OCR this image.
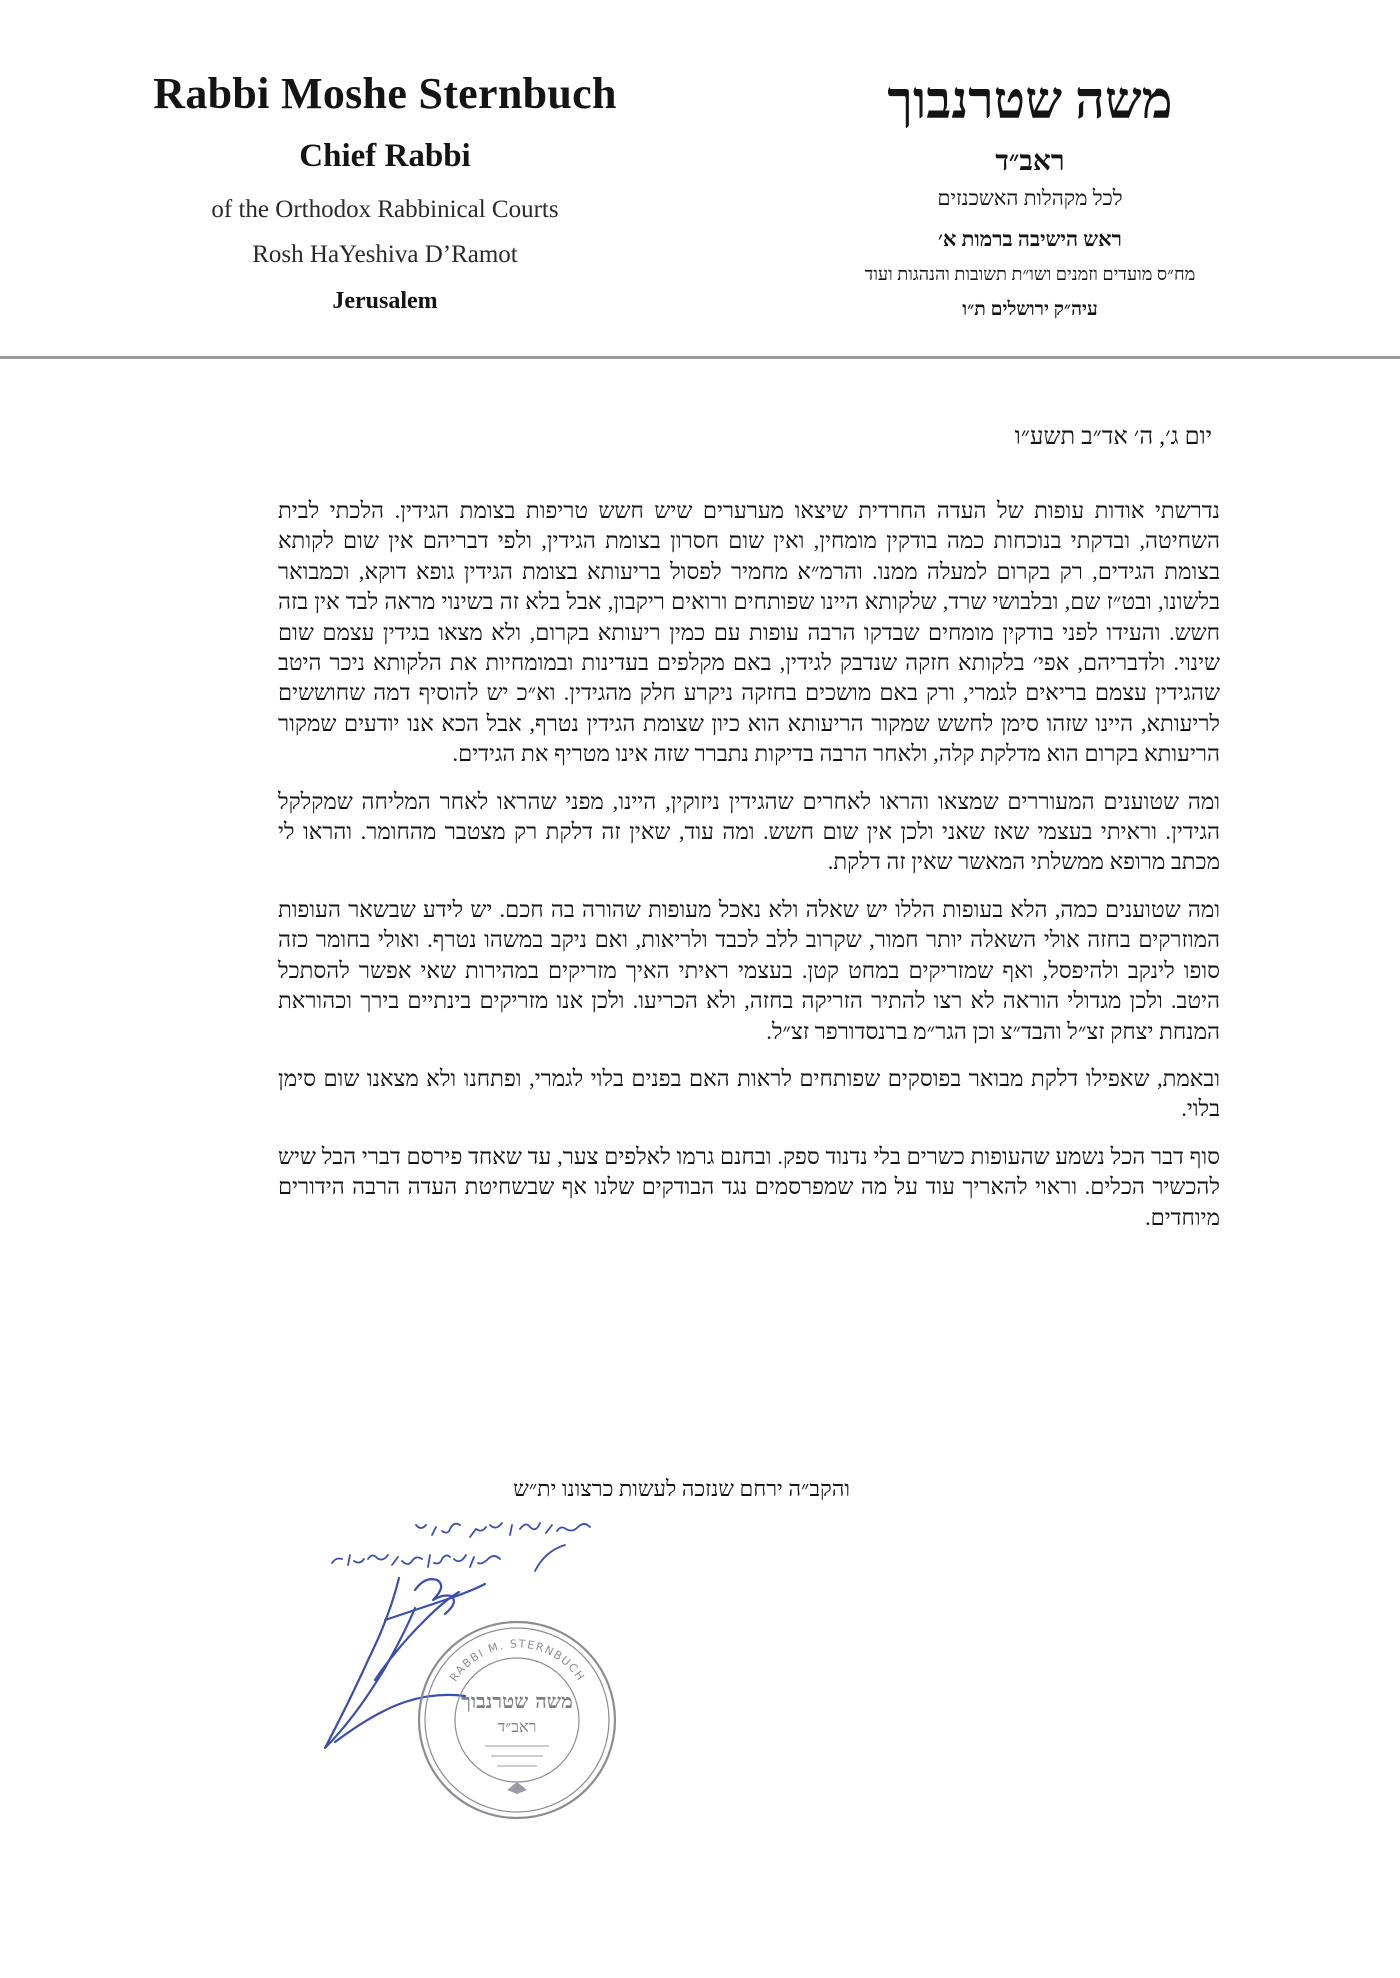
Rabbi Moshe Sternbuch
Chief Rabbi
of the Orthodox Rabbinical Courts
Rosh HaYeshiva D’Ramot
Jerusalem
משה שטרנבוך
ראב״ד
לכל מקהלות האשכנזים
ראש הישיבה ברמות א׳
מח״ס מועדים וזמנים ושו״ת תשובות והנהגות ועוד
עיה״ק ירושלים ת״ו
יום ג׳, ה׳ אד״ב תשע״ו

נדרשתי אודות עופות של העדה החרדית שיצאו מערערים שיש חשש טריפות בצומת הגידין. הלכתי לבית השחיטה, ובדקתי בנוכחות כמה בודקין מומחין, ואין שום חסרון בצומת הגידין, ולפי דבריהם אין שום לקותא בצומת הגידים, רק בקרום למעלה ממנו. והרמ״א מחמיר לפסול בריעותא בצומת הגידין גופא דוקא, וכמבואר בלשונו, ובט״ז שם, ובלבושי שרד, שלקותא היינו שפותחים ורואים ריקבון, אבל בלא זה בשינוי מראה לבד אין בזה חשש. והעידו לפני בודקין מומחים שבדקו הרבה עופות עם כמין ריעותא בקרום, ולא מצאו בגידין עצמם שום שינוי. ולדבריהם, אפי׳ בלקותא חזקה שנדבק לגידין, באם מקלפים בעדינות ובמומחיות את הלקותא ניכר היטב שהגידין עצמם בריאים לגמרי, ורק באם מושכים בחזקה ניקרע חלק מהגידין. וא״כ יש להוסיף דמה שחוששים לריעותא, היינו שזהו סימן לחשש שמקור הריעותא הוא כיון שצומת הגידין נטרף, אבל הכא אנו יודעים שמקור הריעותא בקרום הוא מדלקת קלה, ולאחר הרבה בדיקות נתברר שזה אינו מטריף את הגידים.

ומה שטוענים המעוררים שמצאו והראו לאחרים שהגידין ניזוקין, היינו, מפני שהראו לאחר המליחה שמקלקל הגידין. וראיתי בעצמי שאז שאני ולכן אין שום חשש. ומה עוד, שאין זה דלקת רק מצטבר מהחומר. והראו לי מכתב מרופא ממשלתי המאשר שאין זה דלקת.

ומה שטוענים כמה, הלא בעופות הללו יש שאלה ולא נאכל מעופות שהורה בה חכם. יש לידע שבשאר העופות המוזרקים בחזה אולי השאלה יותר חמור, שקרוב ללב לכבד ולריאות, ואם ניקב במשהו נטרף. ואולי בחומר כזה סופו לינקב ולהיפסל, ואף שמזריקים במחט קטן. בעצמי ראיתי האיך מזריקים במהירות שאי אפשר להסתכל היטב. ולכן מגדולי הוראה לא רצו להתיר הזריקה בחזה, ולא הכריעו. ולכן אנו מזריקים בינתיים בירך וכהוראת המנחת יצחק זצ״ל והבד״צ וכן הגר״מ ברנסדורפר זצ״ל.

ובאמת, שאפילו דלקת מבואר בפוסקים שפותחים לראות האם בפנים בלוי לגמרי, ופתחנו ולא מצאנו שום סימן בלוי.

סוף דבר הכל נשמע שהעופות כשרים בלי נדנוד ספק. ובחנם גרמו לאלפים צער, עד שאחד פירסם דברי הבל שיש להכשיר הכלים. וראוי להאריך עוד על מה שמפרסמים נגד הבודקים שלנו אף שבשחיטת העדה הרבה הידורים מיוחדים.

והקב״ה ירחם שנזכה לעשות כרצונו ית״ש
RABBI M. STERNBUCH
משה שטרנבוך
ראב״ד
